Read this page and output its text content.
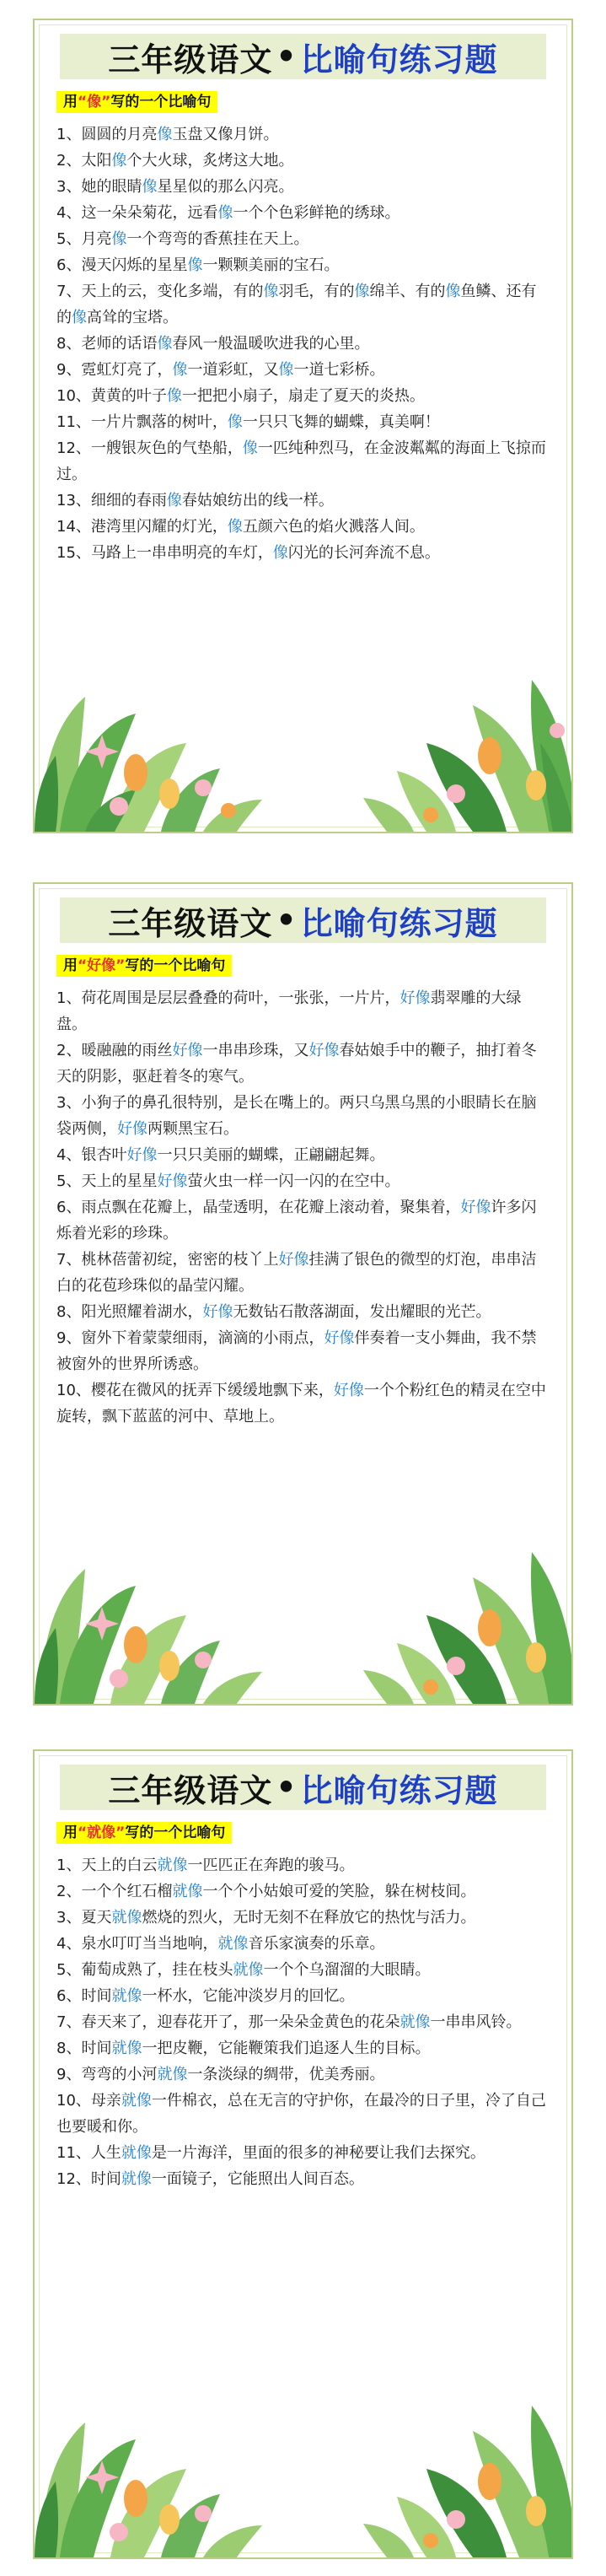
三年级语文 • 比喻句练习题
用“像”写的一个比喻句
1、圆圆的月亮像玉盘又像月饼。
2、太阳像个大火球，炙烤这大地。
3、她的眼睛像星星似的那么闪亮。
4、这一朵朵菊花，远看像一个个色彩鲜艳的绣球。
5、月亮像一个弯弯的香蕉挂在天上。
6、漫天闪烁的星星像一颗颗美丽的宝石。
7、天上的云，变化多端，有的像羽毛，有的像绵羊、有的像鱼鳞、还有的像高耸的宝塔。
8、老师的话语像春风一般温暖吹进我的心里。
9、霓虹灯亮了，像一道彩虹，又像一道七彩桥。
10、黄黄的叶子像一把把小扇子，扇走了夏天的炎热。
11、一片片飘落的树叶，像一只只飞舞的蝴蝶，真美啊！
12、一艘银灰色的气垫船，像一匹纯种烈马，在金波粼粼的海面上飞掠而过。
13、细细的春雨像春姑娘纺出的线一样。
14、港湾里闪耀的灯光，像五颜六色的焰火溅落人间。
15、马路上一串串明亮的车灯，像闪光的长河奔流不息。
三年级语文 • 比喻句练习题
用“好像”写的一个比喻句
1、荷花周围是层层叠叠的荷叶，一张张，一片片，好像翡翠雕的大绿盘。
2、暖融融的雨丝好像一串串珍珠，又好像春姑娘手中的鞭子，抽打着冬天的阴影，驱赶着冬的寒气。
3、小狗子的鼻孔很特别，是长在嘴上的。两只乌黑乌黑的小眼睛长在脑袋两侧，好像两颗黑宝石。
4、银杏叶好像一只只美丽的蝴蝶，正翩翩起舞。
5、天上的星星好像萤火虫一样一闪一闪的在空中。
6、雨点飘在花瓣上，晶莹透明，在花瓣上滚动着，聚集着，好像许多闪烁着光彩的珍珠。
7、桃林蓓蕾初绽，密密的枝丫上好像挂满了银色的微型的灯泡，串串洁白的花苞珍珠似的晶莹闪耀。
8、阳光照耀着湖水，好像无数钻石散落湖面，发出耀眼的光芒。
9、窗外下着蒙蒙细雨，滴滴的小雨点，好像伴奏着一支小舞曲，我不禁被窗外的世界所诱惑。
10、樱花在微风的抚弄下缓缓地飘下来，好像一个个粉红色的精灵在空中旋转，飘下蓝蓝的河中、草地上。
三年级语文 • 比喻句练习题
用“就像”写的一个比喻句
1、天上的白云就像一匹匹正在奔跑的骏马。
2、一个个红石榴就像一个个小姑娘可爱的笑脸，躲在树枝间。
3、夏天就像燃烧的烈火，无时无刻不在释放它的热忱与活力。
4、泉水叮叮当当地响，就像音乐家演奏的乐章。
5、葡萄成熟了，挂在枝头就像一个个乌溜溜的大眼睛。
6、时间就像一杯水，它能冲淡岁月的回忆。
7、春天来了，迎春花开了，那一朵朵金黄色的花朵就像一串串风铃。
8、时间就像一把皮鞭，它能鞭策我们追逐人生的目标。
9、弯弯的小河就像一条淡绿的绸带，优美秀丽。
10、母亲就像一件棉衣，总在无言的守护你，在最冷的日子里，冷了自己也要暖和你。
11、人生就像是一片海洋，里面的很多的神秘要让我们去探究。
12、时间就像一面镜子，它能照出人间百态。
